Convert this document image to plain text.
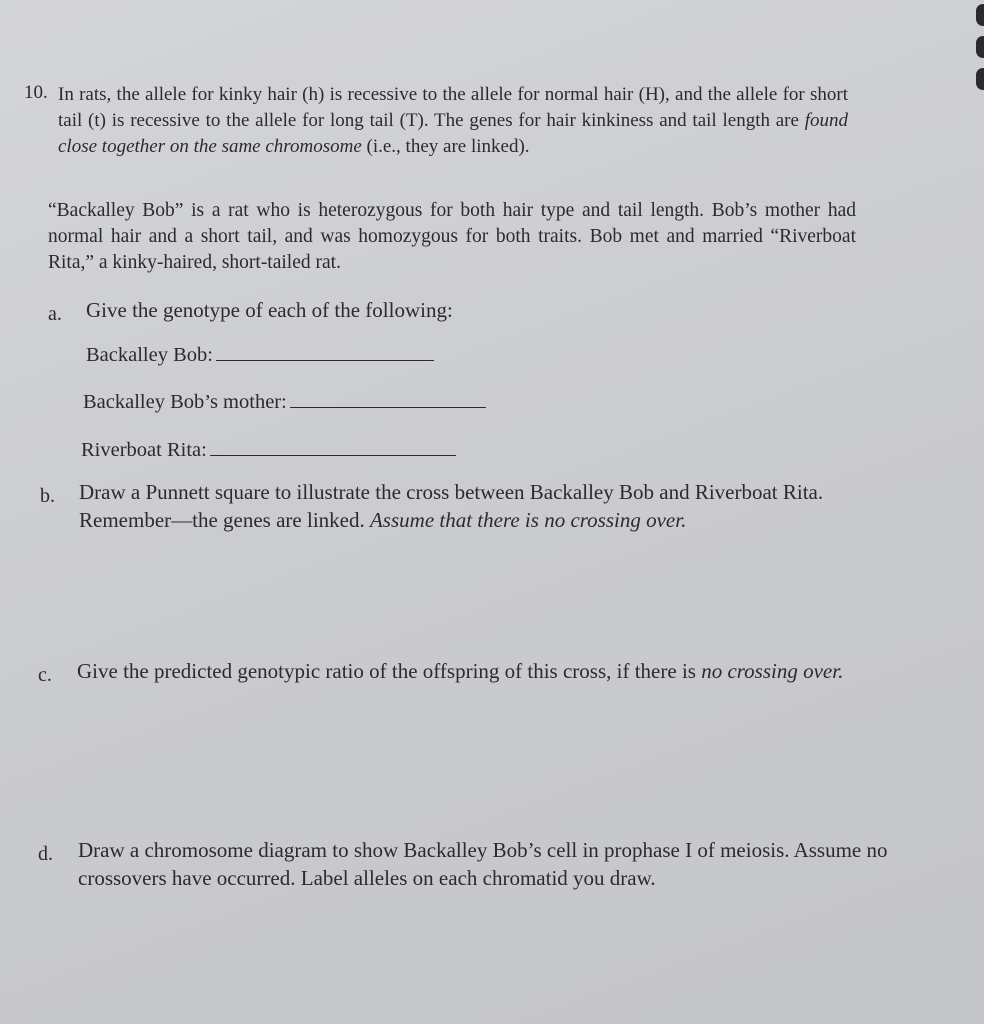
10. In rats, the allele for kinky hair (h) is recessive to the allele for normal hair (H), and the allele for short tail (t) is recessive to the allele for long tail (T). The genes for hair kinkiness and tail length are found close together on the same chromosome (i.e., they are linked).

“Backalley Bob” is a rat who is heterozygous for both hair type and tail length. Bob’s mother had normal hair and a short tail, and was homozygous for both traits. Bob met and married “Riverboat Rita,” a kinky-haired, short-tailed rat.

a. Give the genotype of each of the following:

Backalley Bob:
Backalley Bob’s mother:
Riverboat Rita:

b. Draw a Punnett square to illustrate the cross between Backalley Bob and Riverboat Rita. Remember—the genes are linked. Assume that there is no crossing over.

c. Give the predicted genotypic ratio of the offspring of this cross, if there is no crossing over.

d. Draw a chromosome diagram to show Backalley Bob’s cell in prophase I of meiosis. Assume no crossovers have occurred. Label alleles on each chromatid you draw.
